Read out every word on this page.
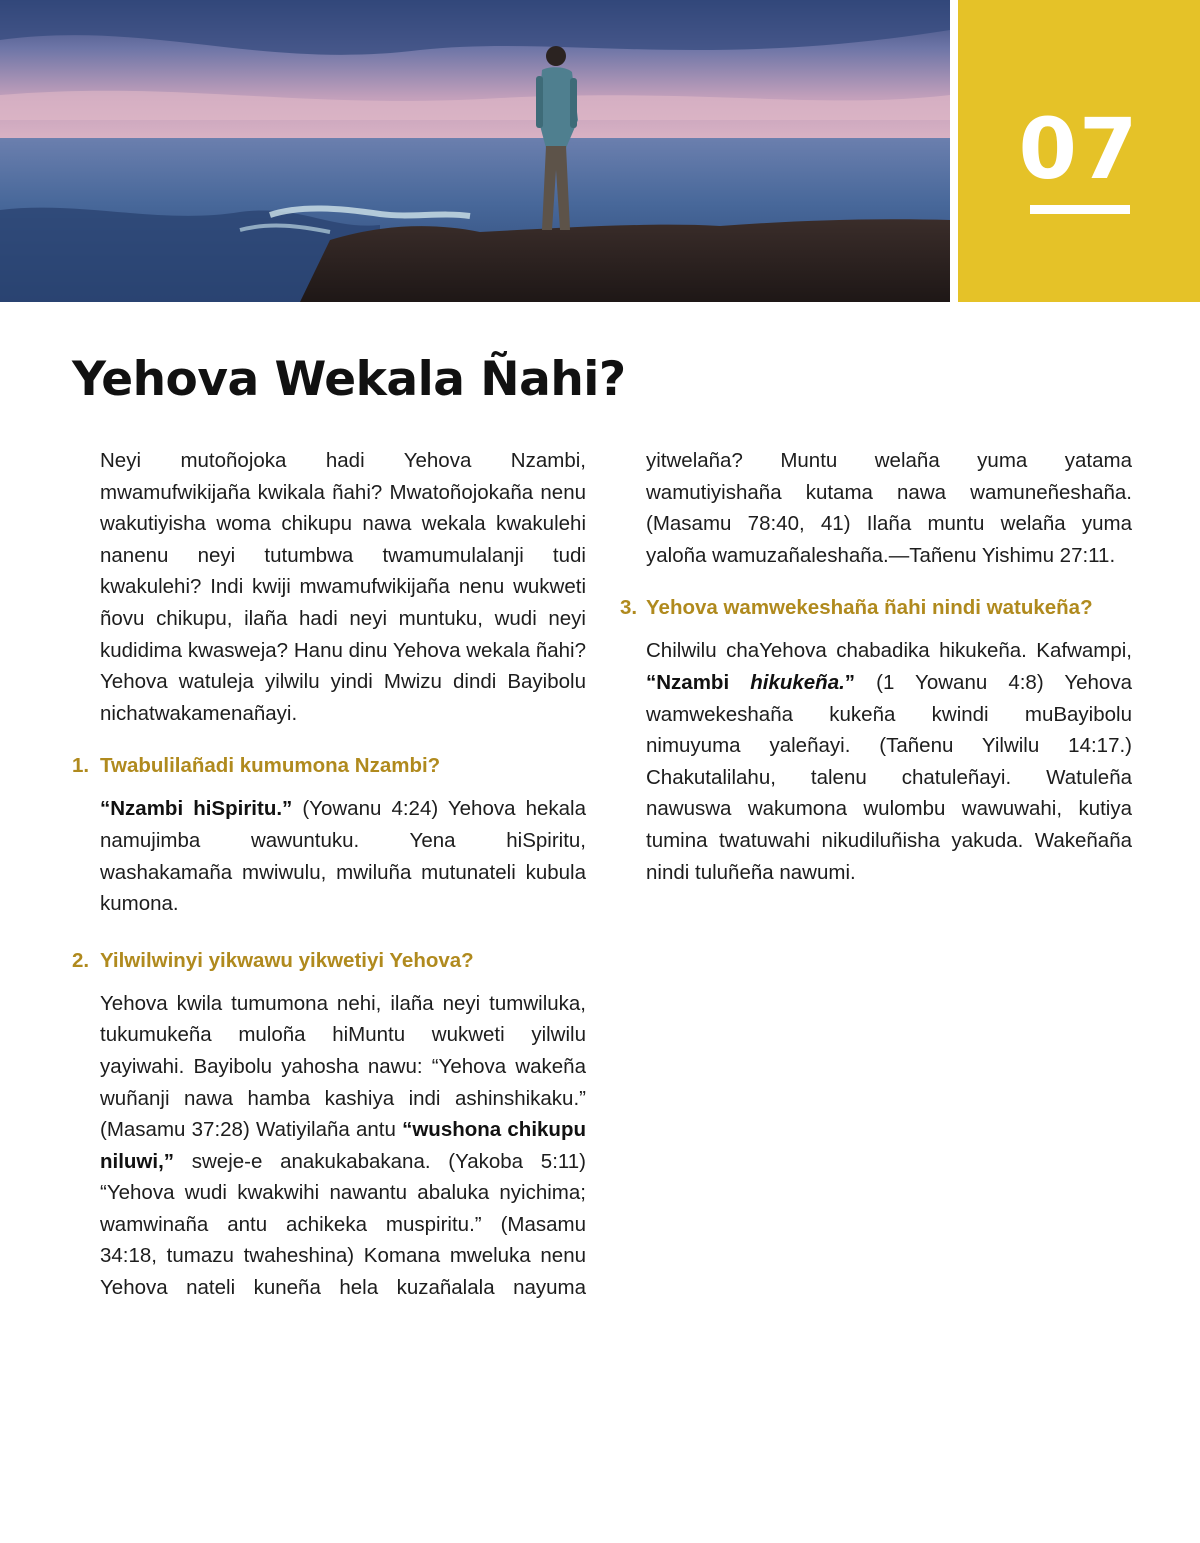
07
Yehova Wekala Ñahi?

Neyi mutoñojoka hadi Yehova Nzambi, mwamufwikijaña kwikala ñahi? Mwatoñojokaña nenu wakutiyisha woma chikupu nawa wekala kwakulehi nanenu neyi tutumbwa twamumulalanji tudi kwakulehi? Indi kwiji mwamufwikijaña nenu wukweti ñovu chikupu, ilaña hadi neyi muntuku, wudi neyi kudidima kwasweja? Hanu dinu Yehova wekala ñahi? Yehova watuleja yilwilu yindi Mwizu dindi Bayibolu nichatwakamenañayi.

1. Twabulilañadi kumumona Nzambi?

“Nzambi hiSpiritu.” (Yowanu 4:24) Yehova hekala namujimba wawuntuku. Yena hiSpiritu, washakamaña mwiwulu, mwiluña mutunateli kubula kumona.

2. Yilwilwinyi yikwawu yikwetiyi Yehova?

Yehova kwila tumumona nehi, ilaña neyi tumwiluka, tukumukeña muloña hiMuntu wukweti yilwilu yayiwahi. Bayibolu yahosha nawu: “Yehova wakeña wuñanji nawa hamba kashiya indi ashinshikaku.” (Masamu 37:28) Watiyilaña antu “wushona chikupu niluwi,” sweje-e anakukabakana. (Yakoba 5:11) “Yehova wudi kwakwihi nawantu abaluka nyichima; wamwinaña antu achikeka muspiritu.” (Masamu 34:18, tumazu twaheshina) Komana mweluka nenu Yehova nateli kuneña hela kuzañalala nayuma

yitwelaña? Muntu welaña yuma yatama wamutiyishaña kutama nawa wamuneñeshaña. (Masamu 78:40, 41) Ilaña muntu welaña yuma yaloña wamuzañaleshaña.—Tañenu Yishimu 27:11.

3. Yehova wamwekeshaña ñahi nindi watukeña?

Chilwilu chaYehova chabadika hikukeña. Kafwampi, “Nzambi hikukeña.” (1 Yowanu 4:8) Yehova wamwekeshaña kukeña kwindi muBayibolu nimuyuma yaleñayi. (Tañenu Yilwilu 14:17.) Chakutalilahu, talenu chatuleñayi. Watuleña nawuswa wakumona wulombu wawuwahi, kutiya tumina twatuwahi nikudiluñisha yakuda. Wakeñaña nindi tuluñeña nawumi.
